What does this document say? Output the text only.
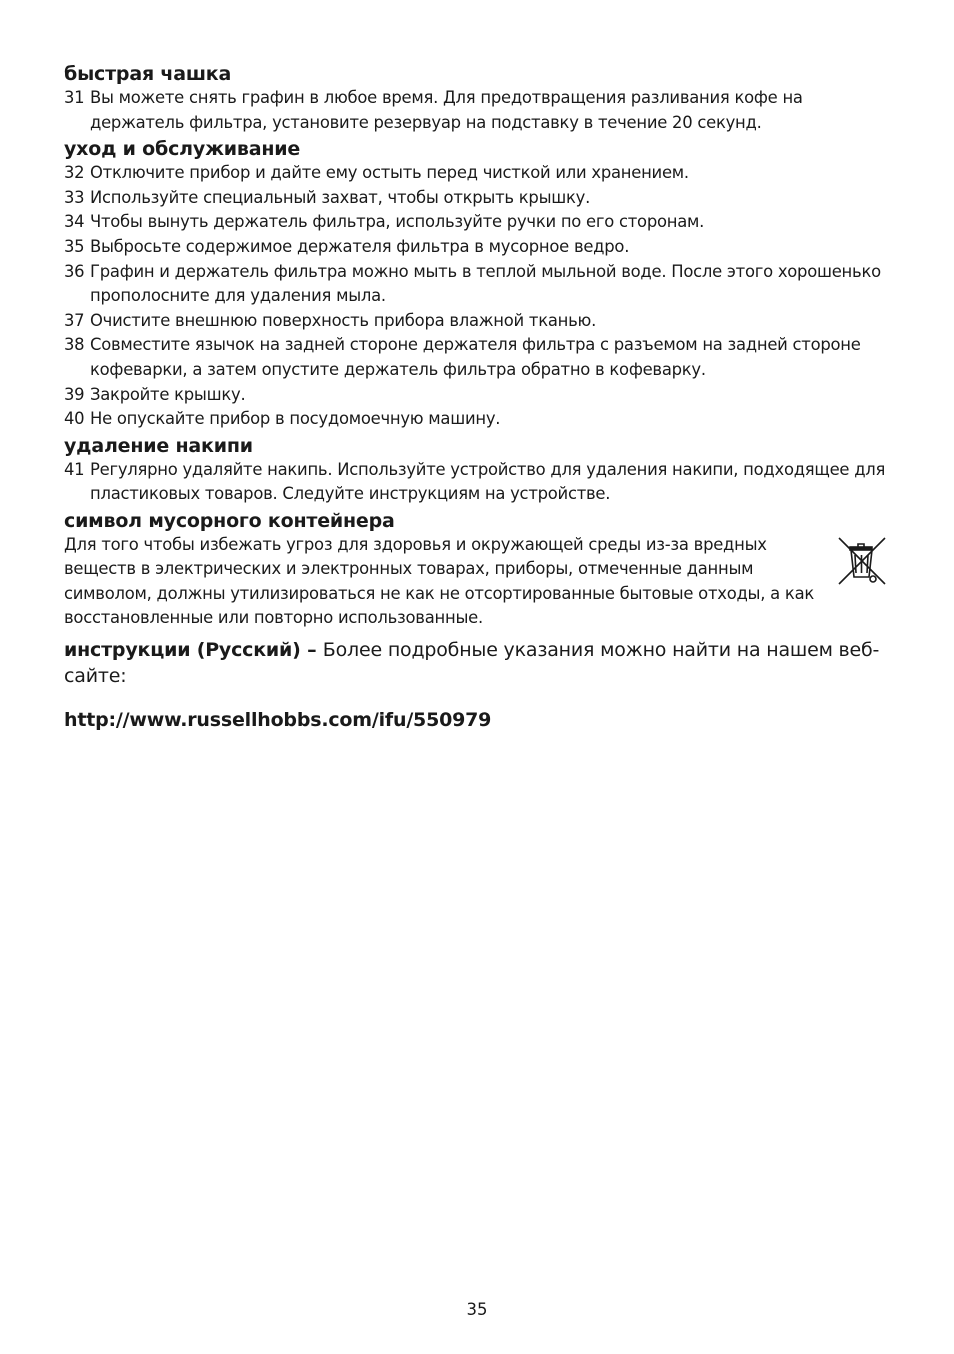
быстрая чашка
31 Вы можете снять графин в любое время. Для предотвращения разливания кофе на держатель фильтра, установите резервуар на подставку в течение 20 секунд.
уход и обслуживание
32 Отключите прибор и дайте ему остыть перед чисткой или хранением.
33 Используйте специальный захват, чтобы открыть крышку.
34 Чтобы вынуть держатель фильтра, используйте ручки по его сторонам.
35 Выбросьте содержимое держателя фильтра в мусорное ведро.
36 Графин и держатель фильтра можно мыть в теплой мыльной воде. После этого хорошенько прополосните для удаления мыла.
37 Очистите внешнюю поверхность прибора влажной тканью.
38 Совместите язычок на задней стороне держателя фильтра с разъемом на задней стороне кофеварки, а затем опустите держатель фильтра обратно в кофеварку.
39 Закройте крышку.
40 Не опускайте прибор в посудомоечную машину.
удаление накипи
41 Регулярно удаляйте накипь. Используйте устройство для удаления накипи, подходящее для пластиковых товаров. Следуйте инструкциям на устройстве.
символ мусорного контейнера

Для того чтобы избежать угроз для здоровья и окружающей среды из-за вредных веществ в электрических и электронных товарах, приборы, отмеченные данным символом, должны утилизироваться не как не отсортированные бытовые отходы, а как восстановленные или повторно использованные.

инструкции (Русский) – Более подробные указания можно найти на нашем веб-сайте:

http://www.russellhobbs.com/ifu/550979
35
